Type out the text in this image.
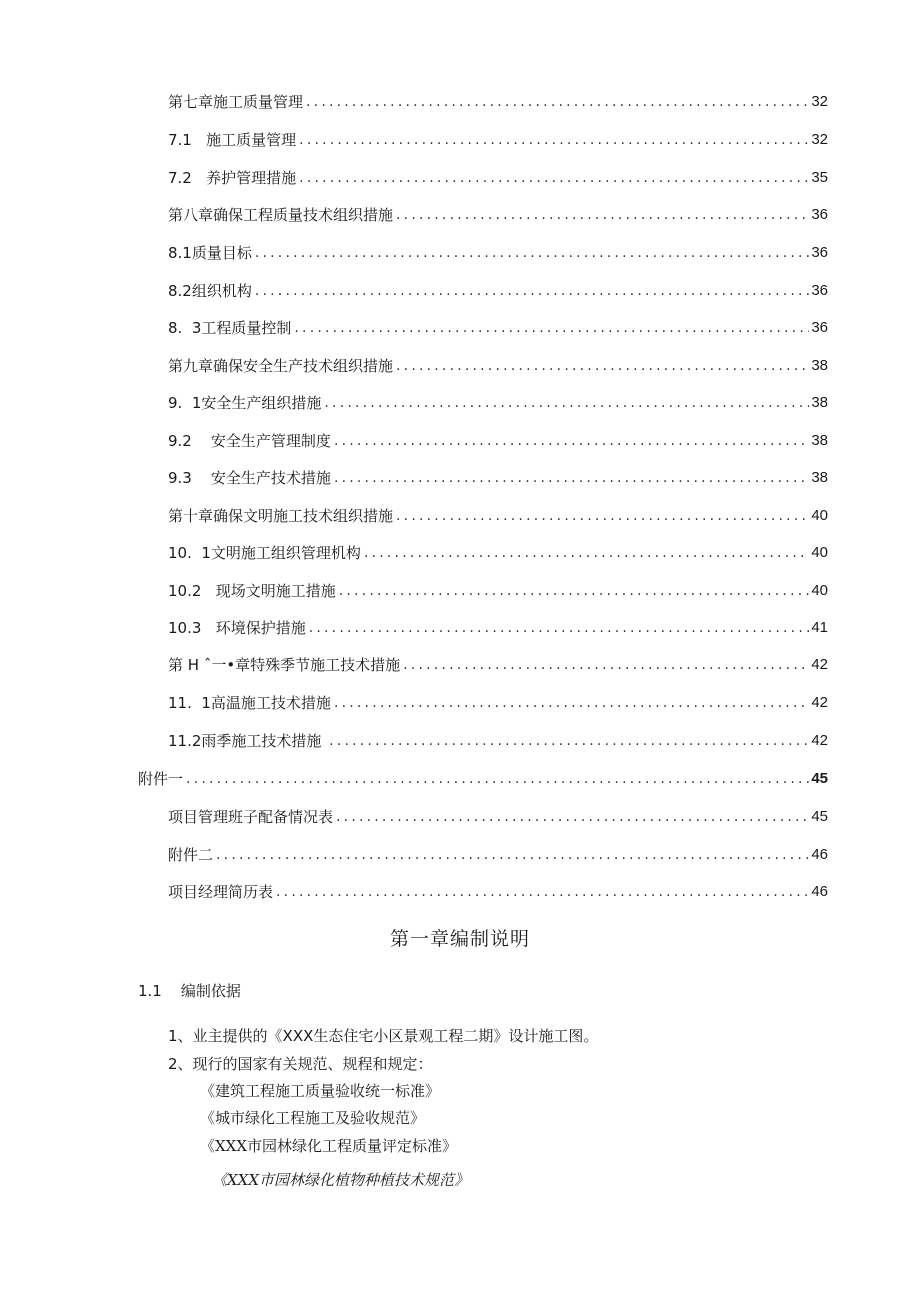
第七章施工质量管理 .....	32
7.1   施工质量管理 .....	32
7.2   养护管理措施 .....	35
第八章确保工程质量技术组织措施 .....	36
8.1质量目标 .....	36
8.2组织机构 .....	36
8.  3工程质量控制 .....	36
第九章确保安全生产技术组织措施 .....	38
9.  1安全生产组织措施 .....	38
9.2    安全生产管理制度 .....	38
9.3    安全生产技术措施 .....	38
第十章确保文明施工技术组织措施 .....	40
10.  1文明施工组织管理机构 .....	40
10.2   现场文明施工措施 .....	40
10.3   环境保护措施 .....	41
第 H ˆ一•章特殊季节施工技术措施 .....	42
11.  1高温施工技术措施 .....	42
11.2雨季施工技术措施 .....	42
附件一 .....	45
项目管理班子配备情况表 .....	45
附件二 .....	46
项目经理简历表 .....	46
第一章编制说明
1.1    编制依据
1、业主提供的《XXX生态住宅小区景观工程二期》设计施工图。
2、现行的国家有关规范、规程和规定：
《建筑工程施工质量验收统一标准》
《城市绿化工程施工及验收规范》
《XXX市园林绿化工程质量评定标准》
《XXX市园林绿化植物种植技术规范》
